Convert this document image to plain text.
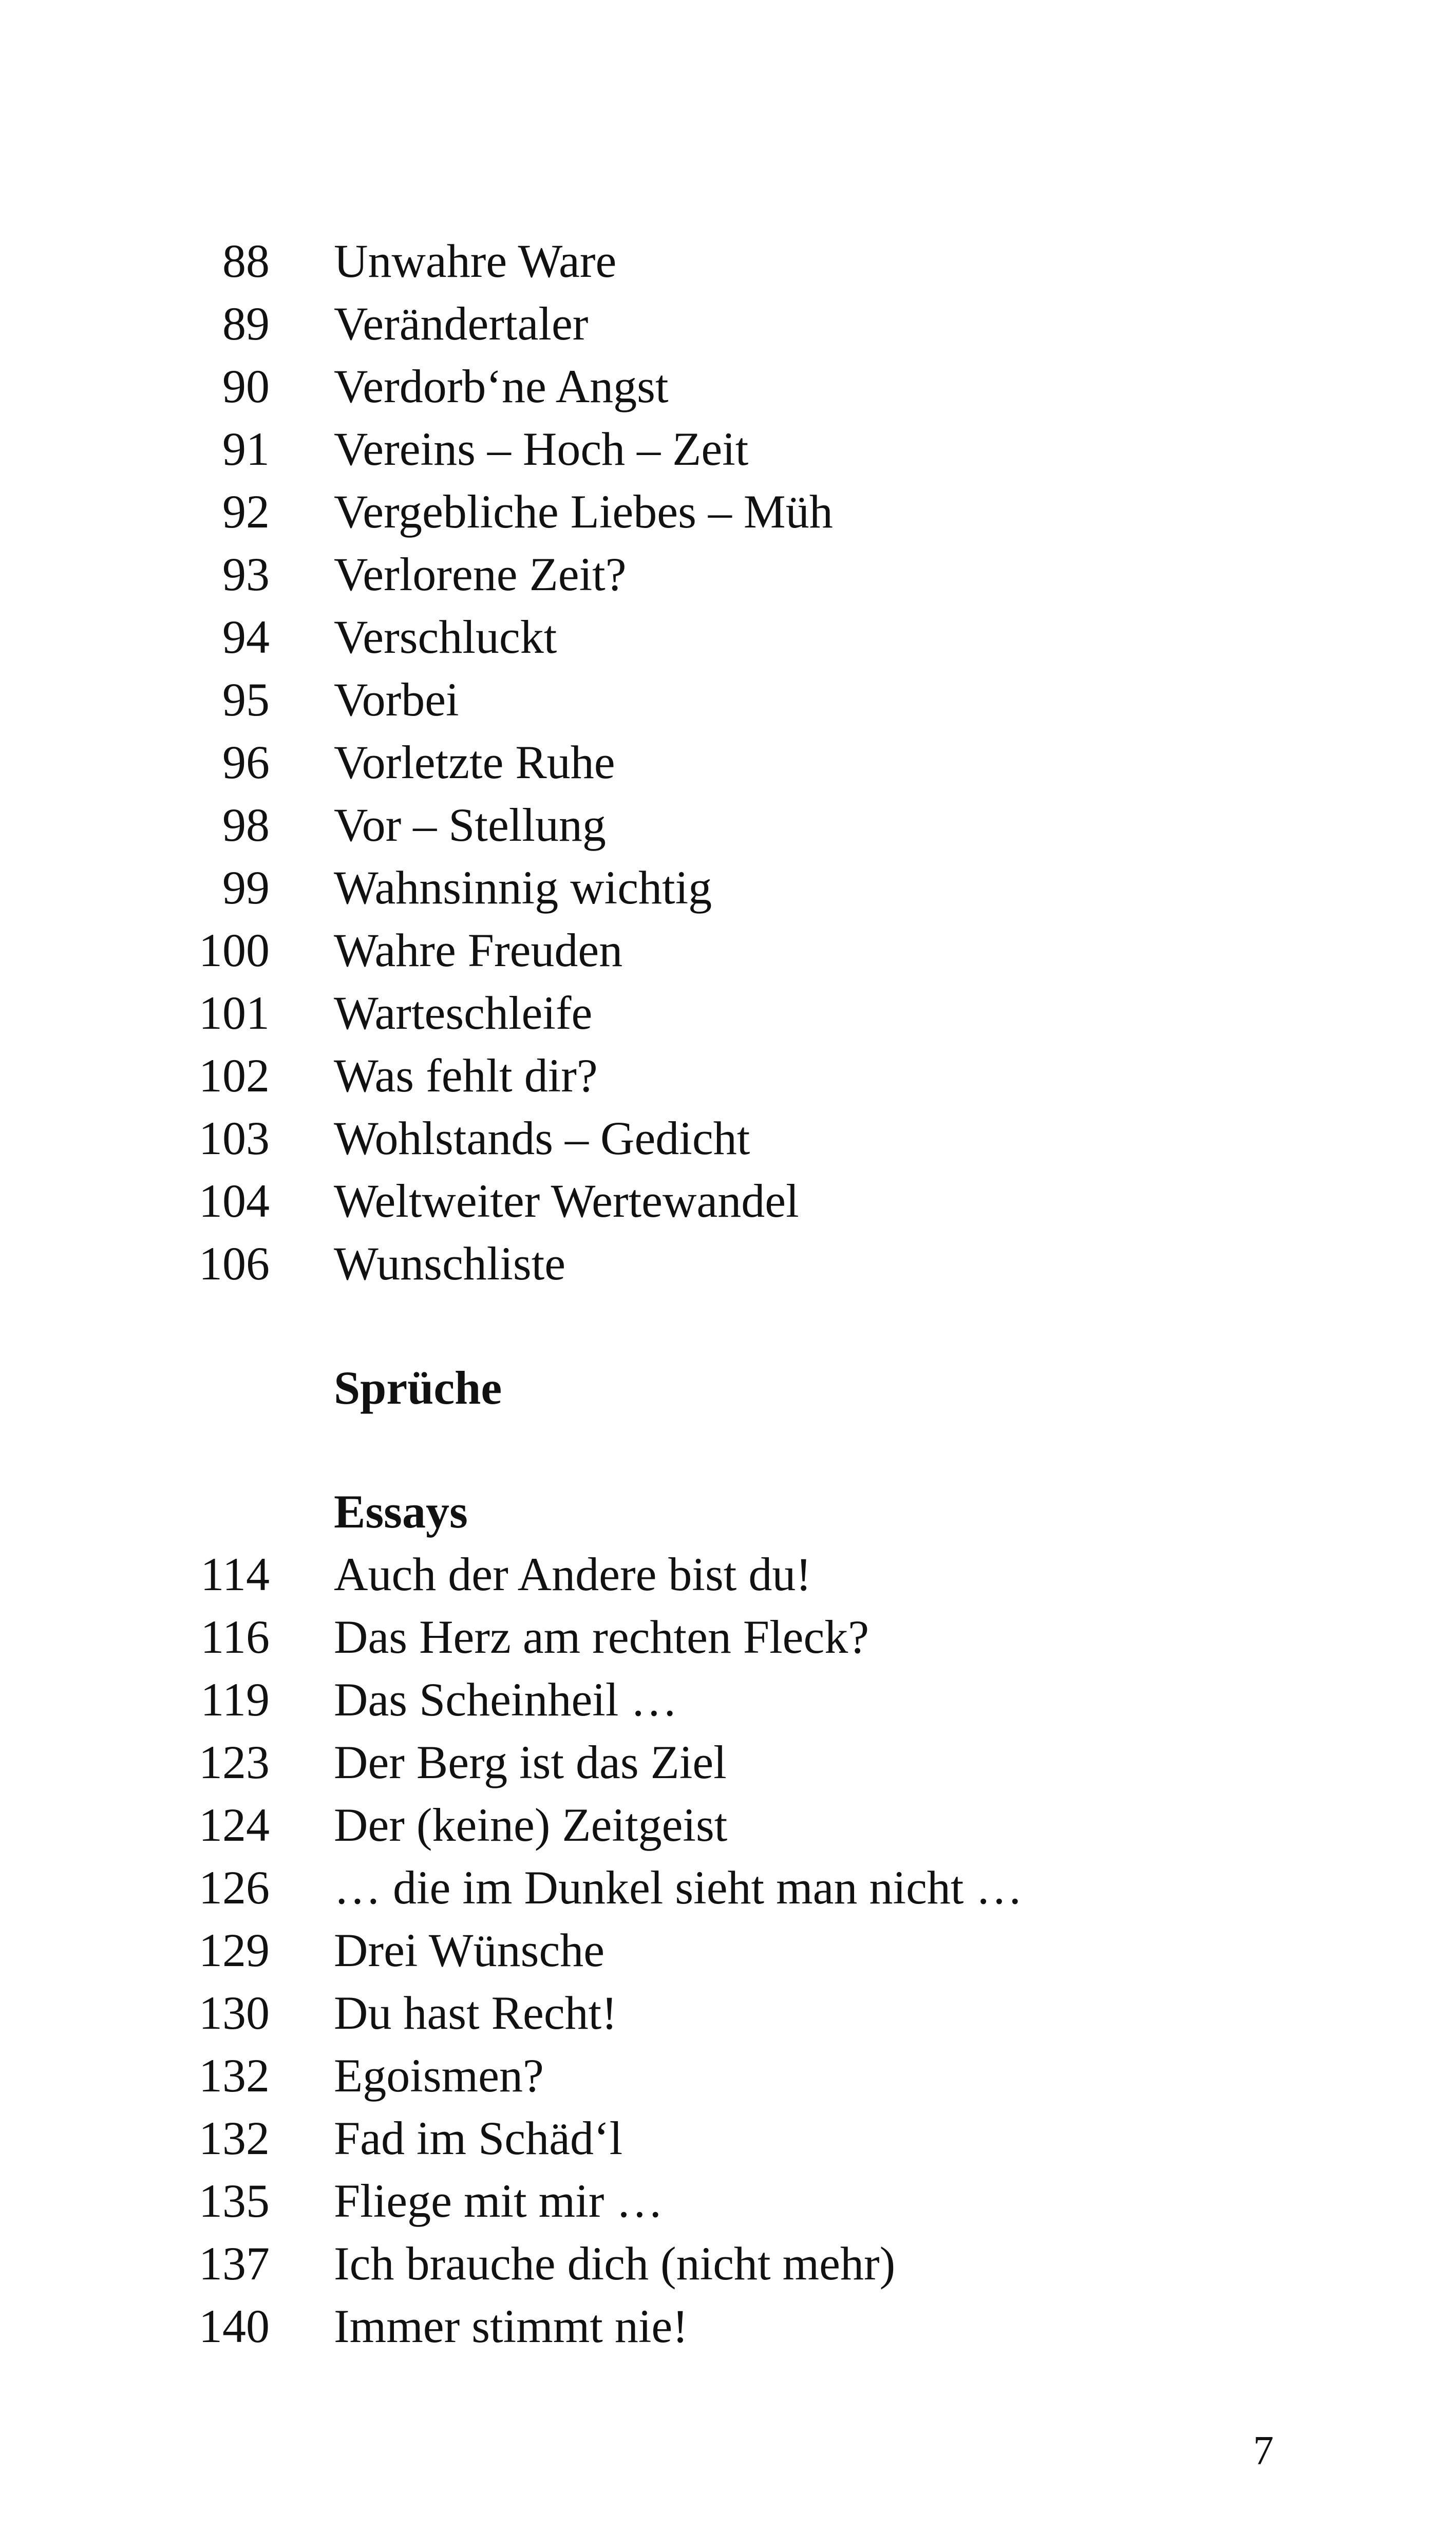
88 Unwahre Ware
89 Verändertaler
90 Verdorb‘ne Angst
91 Vereins – Hoch – Zeit
92 Vergebliche Liebes – Müh
93 Verlorene Zeit?
94 Verschluckt
95 Vorbei
96 Vorletzte Ruhe
98 Vor – Stellung
99 Wahnsinnig wichtig
100 Wahre Freuden
101 Warteschleife
102 Was fehlt dir?
103 Wohlstands – Gedicht
104 Weltweiter Wertewandel
106 Wunschliste
Sprüche
Essays
114 Auch der Andere bist du!
116 Das Herz am rechten Fleck?
119 Das Scheinheil …
123 Der Berg ist das Ziel
124 Der (keine) Zeitgeist
126 … die im Dunkel sieht man nicht …
129 Drei Wünsche
130 Du hast Recht!
132 Egoismen?
132 Fad im Schäd‘l
135 Fliege mit mir …
137 Ich brauche dich (nicht mehr)
140 Immer stimmt nie!
7
